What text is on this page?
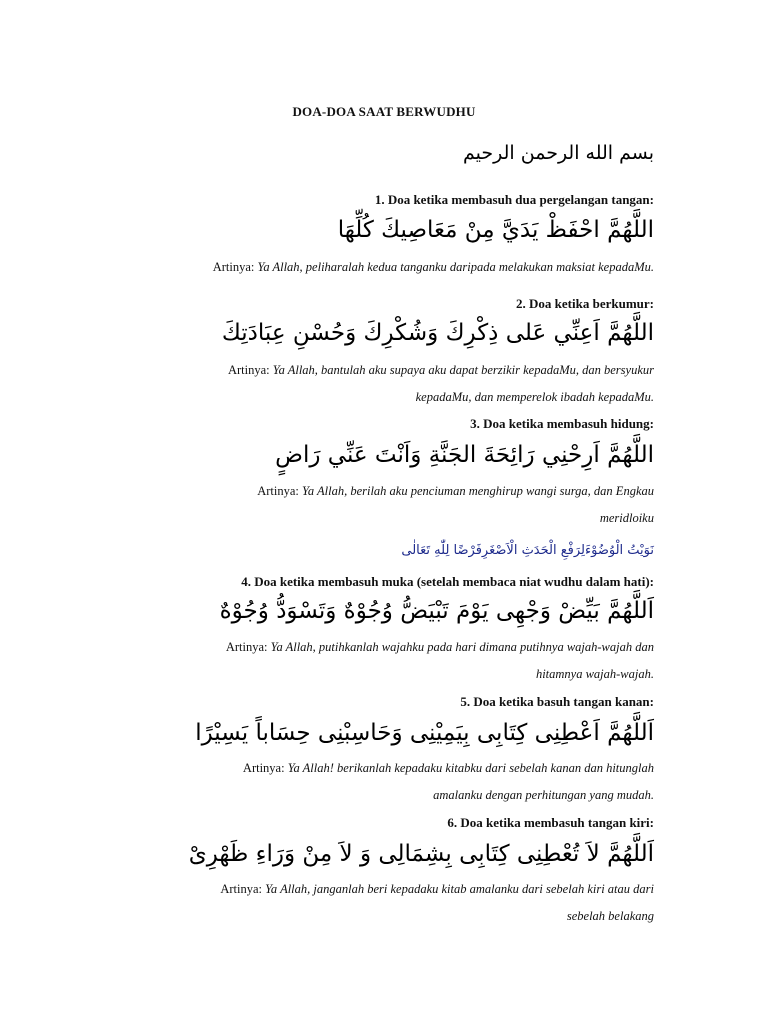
DOA-DOA SAAT BERWUDHU
بسم الله الرحمن الرحيم
1. Doa ketika membasuh dua pergelangan tangan:
اللَّهُمَّ احْفَظْ يَدَيَّ مِنْ مَعَاصِيكَ كُلِّهَا
Artinya: Ya Allah, peliharalah kedua tanganku daripada melakukan maksiat kepadaMu.
2. Doa ketika berkumur:
اللَّهُمَّ اَعِنِّي عَلى ذِكْرِكَ وَشُكْرِكَ وَحُسْنِ عِبَادَتِكَ
Artinya: Ya Allah, bantulah aku supaya aku dapat berzikir kepadaMu, dan bersyukur
kepadaMu, dan memperelok ibadah kepadaMu.
3. Doa ketika membasuh hidung:
اللَّهُمَّ اَرِحْنِي رَائِحَةَ الجَنَّةِ وَاَنْتَ عَنِّي رَاضٍ
Artinya: Ya Allah, berilah aku penciuman menghirup wangi surga, dan Engkau
meridloiku
نَوَيْتُ الْوُضُوْءَلِرَفْعِ الْحَدَثِ الْاَصْغَرِفَرْضًا لِلّٰهِ تَعَالٰى
4. Doa ketika membasuh muka (setelah membaca niat wudhu dalam hati):
اَللَّهُمَّ بَيِّضْ وَجْهِى يَوْمَ تَبْيَضُّ وُجُوْهٌ وَتَسْوَدُّ وُجُوْهٌ
Artinya: Ya Allah, putihkanlah wajahku pada hari dimana putihnya wajah-wajah dan
hitamnya wajah-wajah.
5. Doa ketika basuh tangan kanan:
اَللَّهُمَّ اَعْطِنِى كِتَابِى بِيَمِيْنِى وَحَاسِبْنِى حِسَاباً يَسِيْرًا
Artinya: Ya Allah! berikanlah kepadaku kitabku dari sebelah kanan dan hitunglah
amalanku dengan perhitungan yang mudah.
6. Doa ketika membasuh tangan kiri:
اَللَّهُمَّ لاَ تُعْطِنِى كِتَابِى بِشِمَالِى وَ لاَ مِنْ وَرَاءِ ظَهْرِىْ
Artinya: Ya Allah, janganlah beri kepadaku kitab amalanku dari sebelah kiri atau dari
sebelah belakang
